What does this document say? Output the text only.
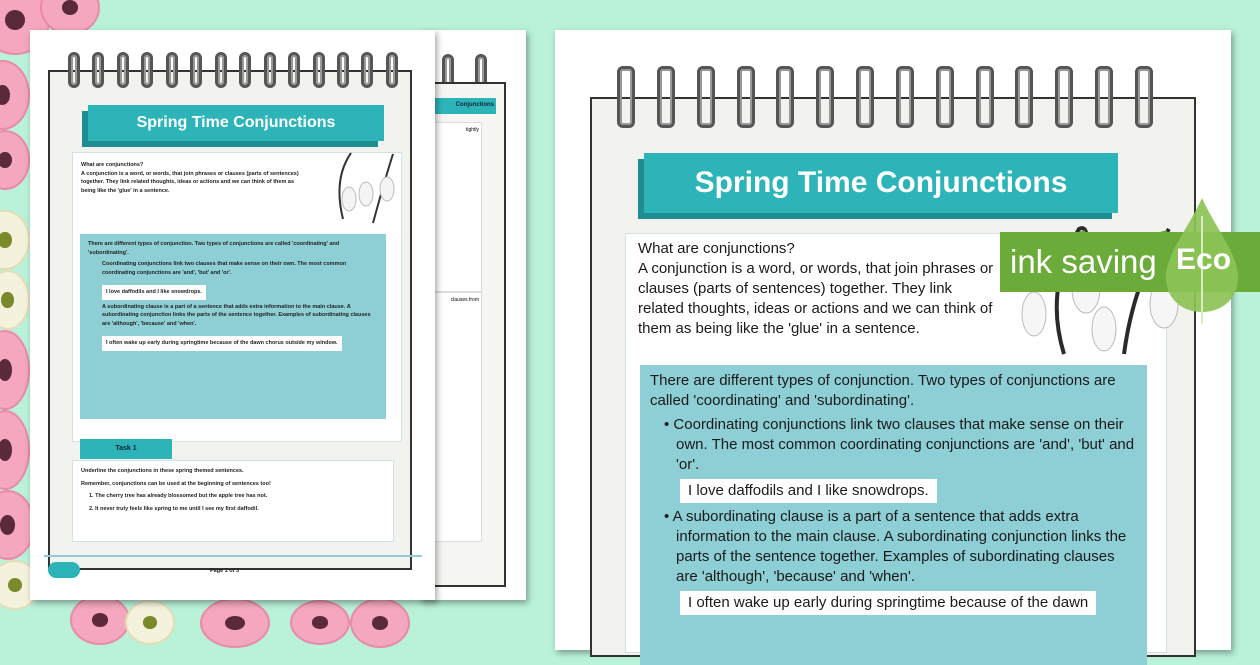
Conjunctions
tightly
clauses from
Spring Time Conjunctions
What are conjunctions?
A conjunction is a word, or words, that join phrases or clauses (parts of sentences) together. They link related thoughts, ideas or actions and we can think of them as being like the 'glue' in a sentence.
There are different types of conjunction. Two types of conjunctions are called 'coordinating' and 'subordinating'.
Coordinating conjunctions link two clauses that make sense on their own. The most common coordinating conjunctions are 'and', 'but' and 'or'.
I love daffodils and I like snowdrops.
A subordinating clause is a part of a sentence that adds extra information to the main clause. A subordinating conjunction links the parts of the sentence together. Examples of subordinating clauses are 'although', 'because' and 'when'.
I often wake up early during springtime because of the dawn chorus outside my window.
Task 1
Underline the conjunctions in these spring themed sentences.
Remember, conjunctions can be used at the beginning of sentences too!
1. The cherry tree has already blossomed but the apple tree has not.
2. It never truly feels like spring to me until I see my first daffodil.
Page 1 of 3
Spring Time Conjunctions
What are conjunctions?
A conjunction is a word, or words, that join phrases or clauses (parts of sentences) together. They link related thoughts, ideas or actions and we can think of them as being like the 'glue' in a sentence.
There are different types of conjunction. Two types of conjunctions are called 'coordinating' and 'subordinating'.
• Coordinating conjunctions link two clauses that make sense on their own. The most common coordinating conjunctions are 'and', 'but' and 'or'.
I love daffodils and I like snowdrops.
• A subordinating clause is a part of a sentence that adds extra information to the main clause. A subordinating conjunction links the parts of the sentence together. Examples of subordinating clauses are 'although', 'because' and 'when'.
I often wake up early during springtime because of the dawn
ink saving Eco
